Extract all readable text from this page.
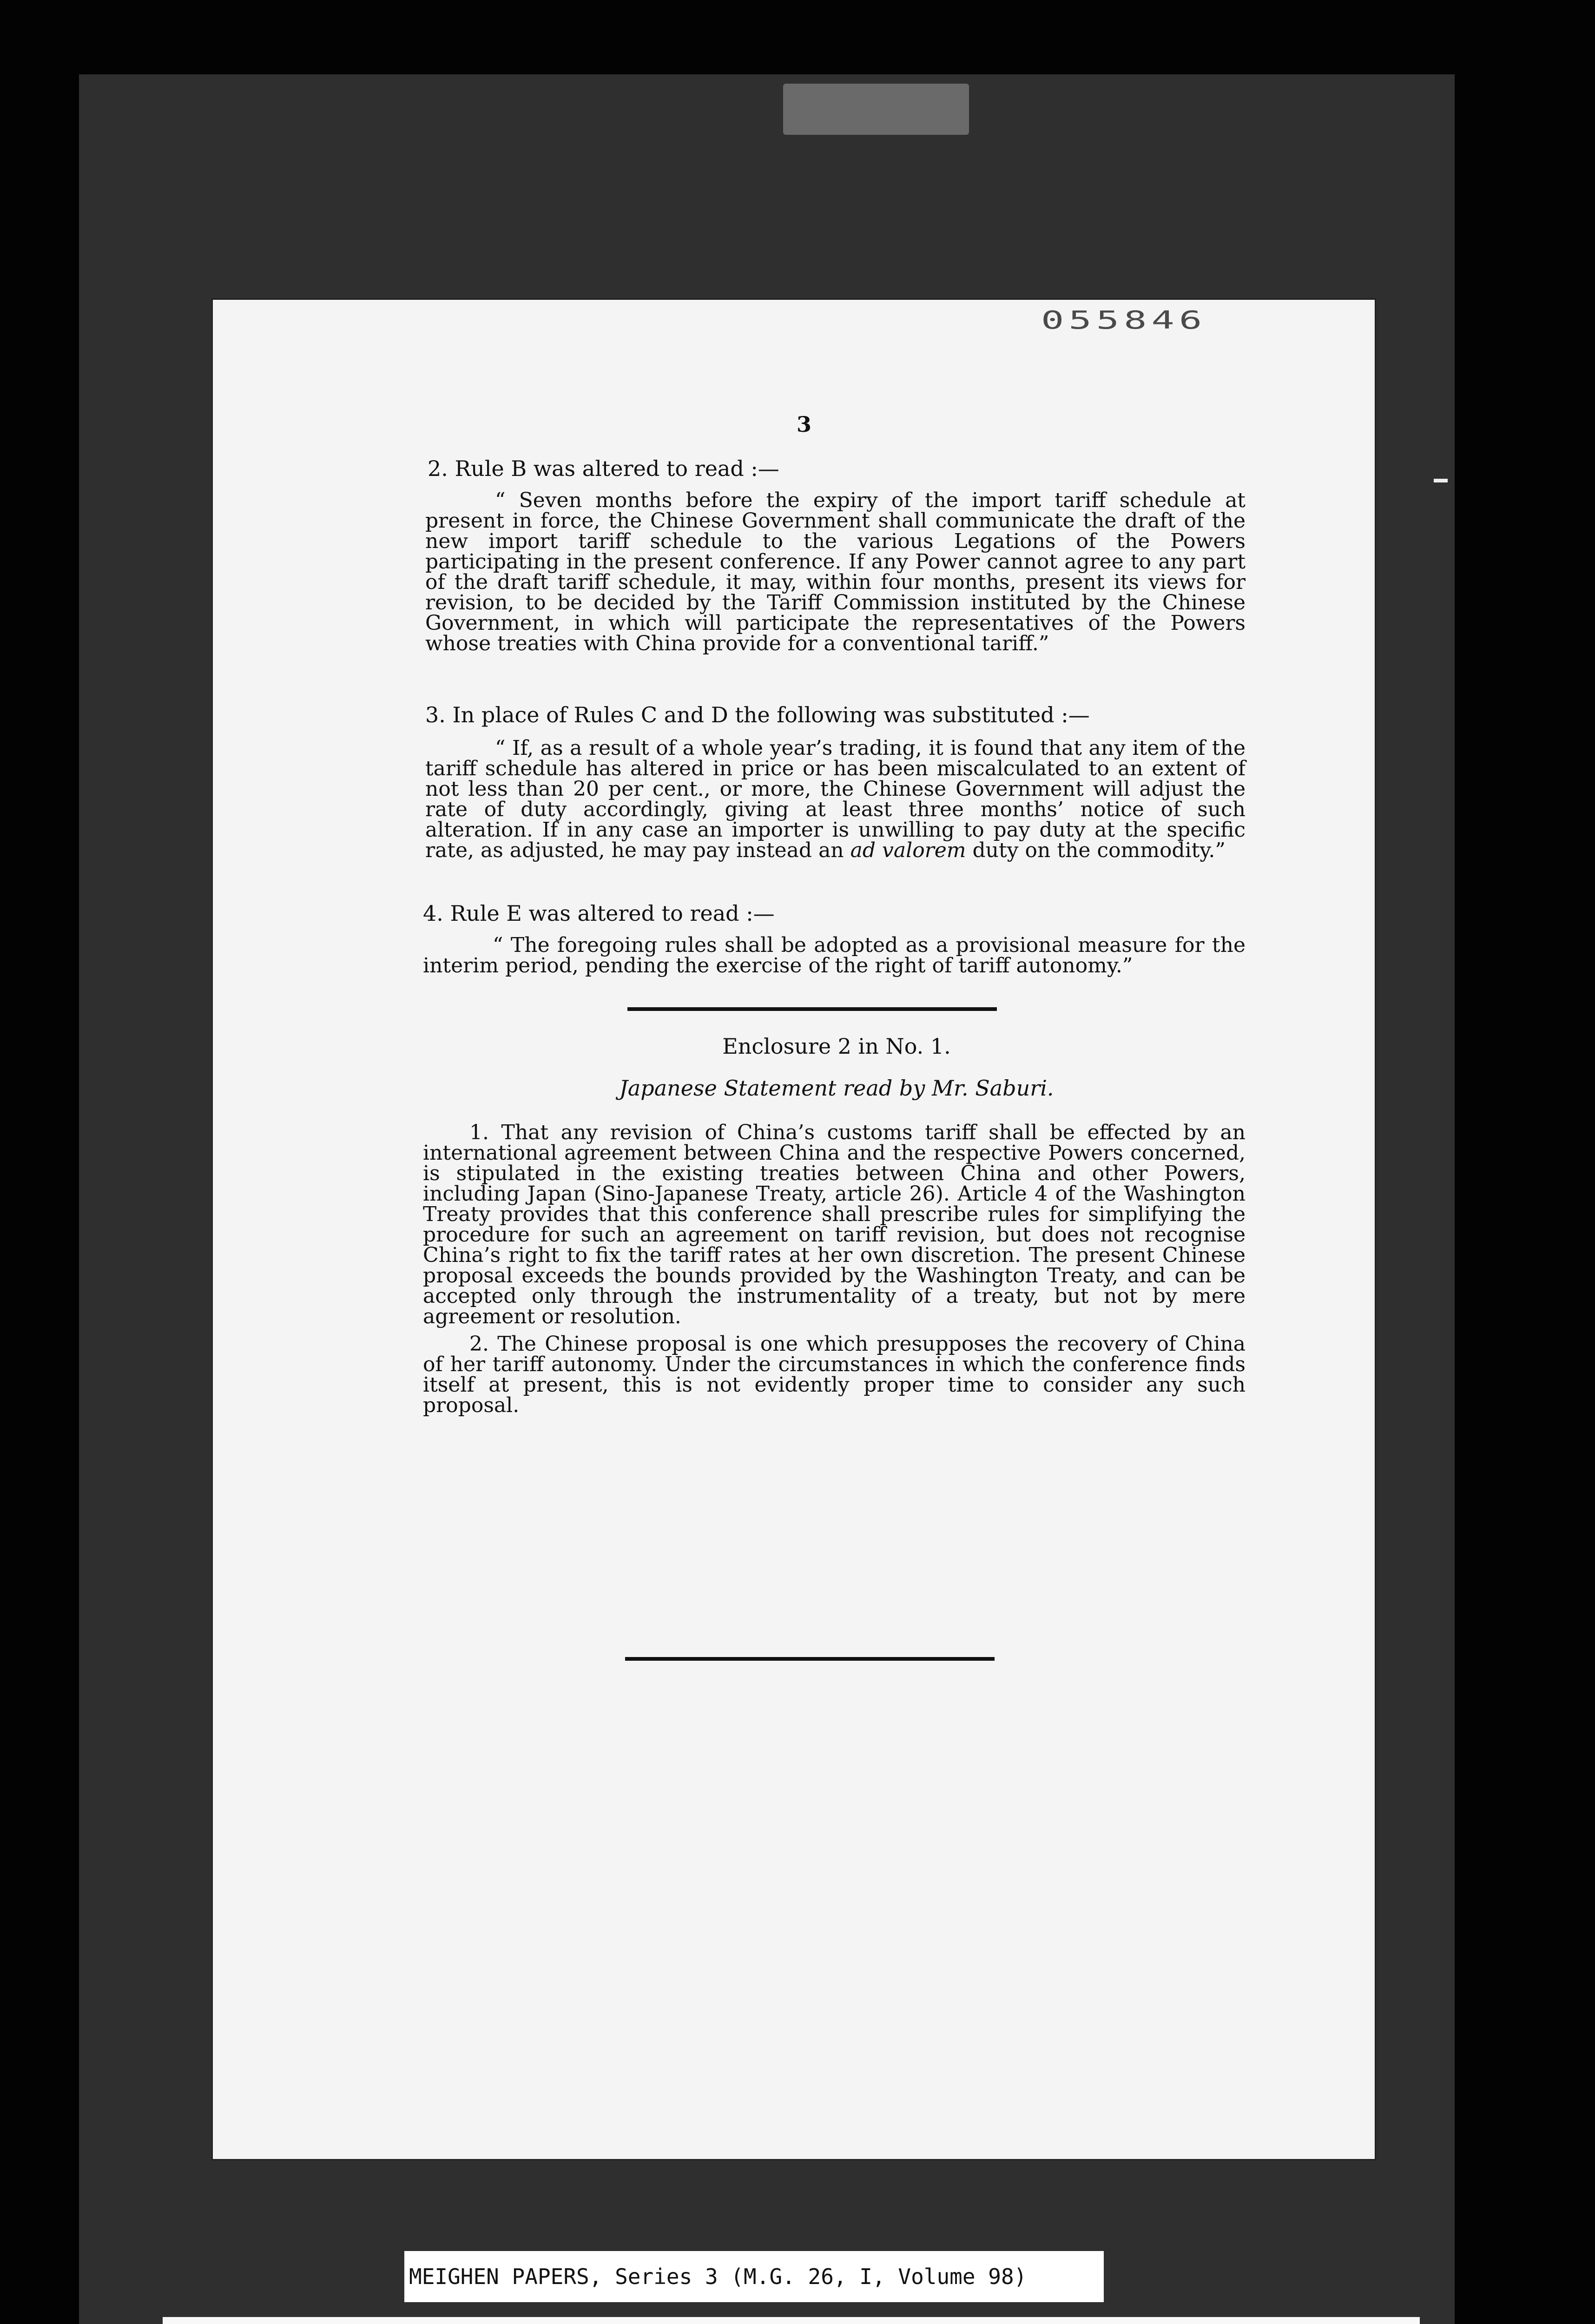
055846
3
2. Rule B was altered to read :—
“ Seven months before the expiry of the import tariff schedule at present in force, the Chinese Government shall communicate the draft of the new import tariff schedule to the various Legations of the Powers participating in the present conference. If any Power cannot agree to any part of the draft tariff schedule, it may, within four months, present its views for revision, to be decided by the Tariff Commission instituted by the Chinese Government, in which will participate the representatives of the Powers whose treaties with China provide for a conventional tariff.”
3. In place of Rules C and D the following was substituted :—
“ If, as a result of a whole year’s trading, it is found that any item of the tariff schedule has altered in price or has been miscalculated to an extent of not less than 20 per cent., or more, the Chinese Government will adjust the rate of duty accordingly, giving at least three months’ notice of such alteration. If in any case an importer is unwilling to pay duty at the specific rate, as adjusted, he may pay instead an ad valorem duty on the commodity.”
4. Rule E was altered to read :—
“ The foregoing rules shall be adopted as a provisional measure for the interim period, pending the exercise of the right of tariff autonomy.”
Enclosure 2 in No. 1.
Japanese Statement read by Mr. Saburi.
1. That any revision of China’s customs tariff shall be effected by an international agreement between China and the respective Powers concerned, is stipulated in the existing treaties between China and other Powers, including Japan (Sino-Japanese Treaty, article 26). Article 4 of the Washington Treaty provides that this conference shall prescribe rules for simplifying the procedure for such an agreement on tariff revision, but does not recognise China’s right to fix the tariff rates at her own discretion. The present Chinese proposal exceeds the bounds provided by the Washington Treaty, and can be accepted only through the instrumentality of a treaty, but not by mere agreement or resolution.
2. The Chinese proposal is one which presupposes the recovery of China of her tariff autonomy. Under the circumstances in which the conference finds itself at present, this is not evidently proper time to consider any such proposal.
MEIGHEN PAPERS, Series 3 (M.G. 26, I, Volume 98)
